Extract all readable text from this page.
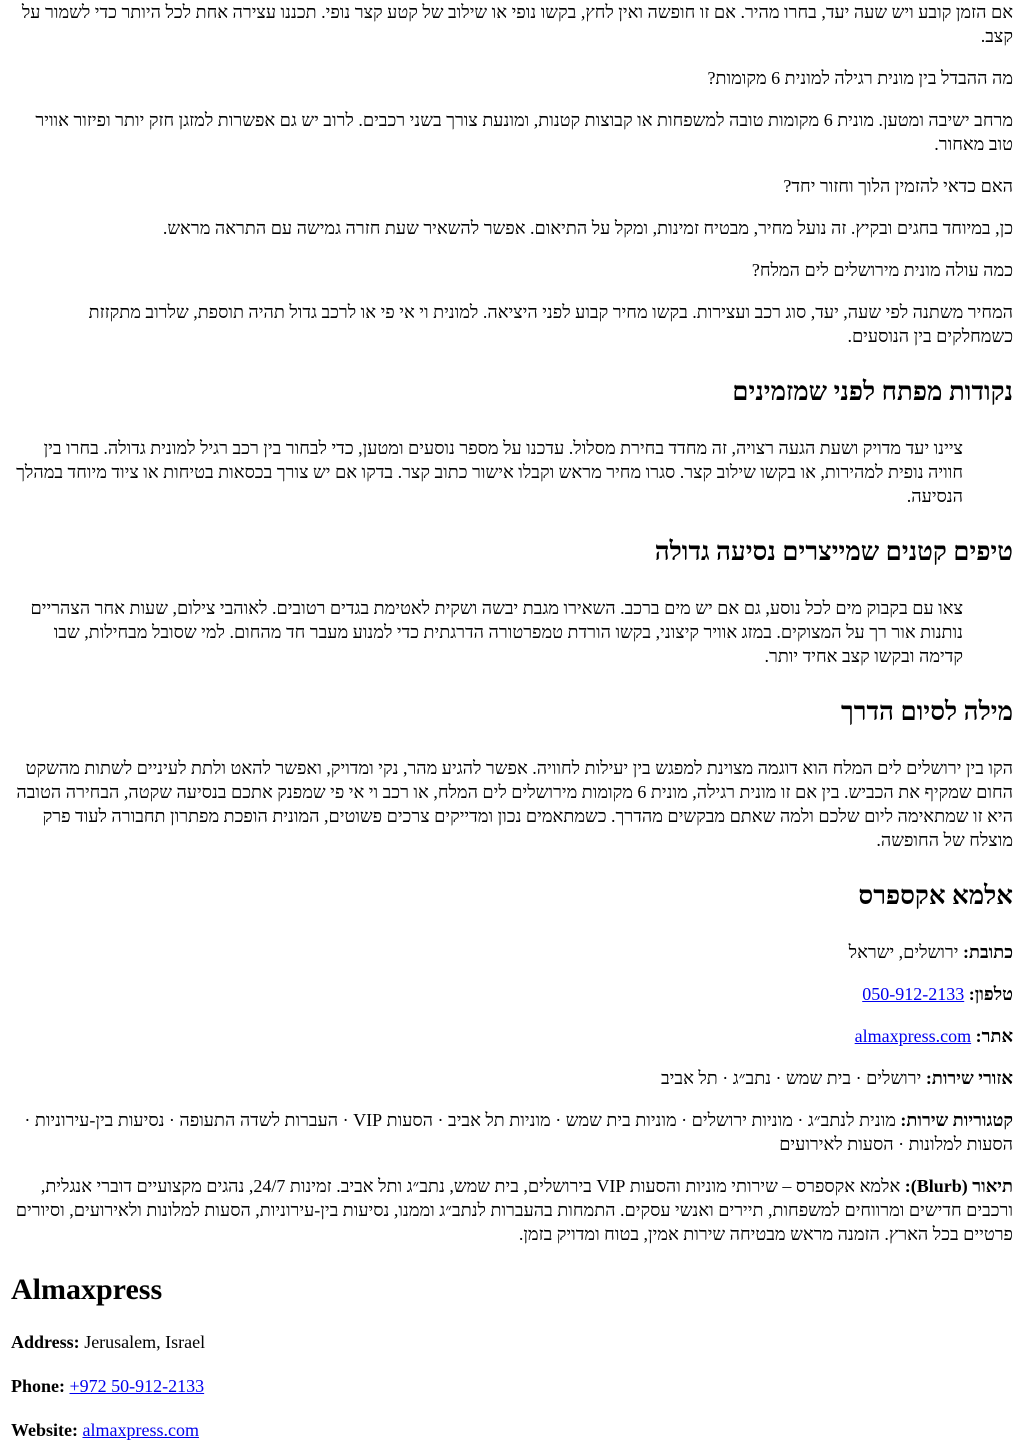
אם הזמן קובע ויש שעה יעד, בחרו מהיר. אם זו חופשה ואין לחץ, בקשו נופי או שילוב של קטע קצר נופי. תכננו עצירה אחת לכל היותר כדי לשמור על קצב.

מה ההבדל בין מונית רגילה למונית 6 מקומות?

מרחב ישיבה ומטען. מונית 6 מקומות טובה למשפחות או קבוצות קטנות, ומונעת צורך בשני רכבים. לרוב יש גם אפשרות למזגן חזק יותר ופיזור אוויר טוב מאחור.

האם כדאי להזמין הלוך וחזור יחד?

כן, במיוחד בחגים ובקיץ. זה נועל מחיר, מבטיח זמינות, ומקל על התיאום. אפשר להשאיר שעת חזרה גמישה עם התראה מראש.

כמה עולה מונית מירושלים לים המלח?

המחיר משתנה לפי שעה, יעד, סוג רכב ועצירות. בקשו מחיר קבוע לפני היציאה. למונית וי אי פי או לרכב גדול תהיה תוספת, שלרוב מתקזזת כשמחלקים בין הנוסעים.

נקודות מפתח לפני שמזמינים

ציינו יעד מדויק ושעת הגעה רצויה, זה מחדד בחירת מסלול. עדכנו על מספר נוסעים ומטען, כדי לבחור בין רכב רגיל למונית גדולה. בחרו בין חוויה נופית למהירות, או בקשו שילוב קצר. סגרו מחיר מראש וקבלו אישור כתוב קצר. בדקו אם יש צורך בכסאות בטיחות או ציוד מיוחד במהלך הנסיעה.

טיפים קטנים שמייצרים נסיעה גדולה

צאו עם בקבוק מים לכל נוסע, גם אם יש מים ברכב. השאירו מגבת יבשה ושקית לאטימת בגדים רטובים. לאוהבי צילום, שעות אחר הצהריים נותנות אור רך על המצוקים. במזג אוויר קיצוני, בקשו הורדת טמפרטורה הדרגתית כדי למנוע מעבר חד מהחום. למי שסובל מבחילות, שבו קדימה ובקשו קצב אחיד יותר.

מילה לסיום הדרך

הקו בין ירושלים לים המלח הוא דוגמה מצוינת למפגש בין יעילות לחוויה. אפשר להגיע מהר, נקי ומדויק, ואפשר להאט ולתת לעיניים לשתות מהשקט החום שמקיף את הכביש. בין אם זו מונית רגילה, מונית 6 מקומות מירושלים לים המלח, או רכב וי אי פי שמפנק אתכם בנסיעה שקטה, הבחירה הטובה היא זו שמתאימה ליום שלכם ולמה שאתם מבקשים מהדרך. כשמתאמים נכון ומדייקים צרכים פשוטים, המונית הופכת מפתרון תחבורה לעוד פרק מוצלח של החופשה.

אלמא אקספרס

כתובת: ירושלים, ישראל

טלפון: 050-912-2133

אתר: almaxpress.com

אזורי שירות: ירושלים · בית שמש · נתב״ג · תל אביב

קטגוריות שירות: מונית לנתב״ג · מוניות ירושלים · מוניות בית שמש · מוניות תל אביב · הסעות VIP · העברות לשדה התעופה · נסיעות בין-עירוניות · הסעות למלונות · הסעות לאירועים

תיאור (Blurb): אלמא אקספרס – שירותי מוניות והסעות VIP בירושלים, בית שמש, נתב״ג ותל אביב. זמינות 24/7, נהגים מקצועיים דוברי אנגלית, ורכבים חדישים ומרווחים למשפחות, תיירים ואנשי עסקים. התמחות בהעברות לנתב״ג וממנו, נסיעות בין-עירוניות, הסעות למלונות ולאירועים, וסיורים פרטיים בכל הארץ. הזמנה מראש מבטיחה שירות אמין, בטוח ומדויק בזמן.

Almaxpress

Address: Jerusalem, Israel

Phone: +972 50-912-2133

Website: almaxpress.com
